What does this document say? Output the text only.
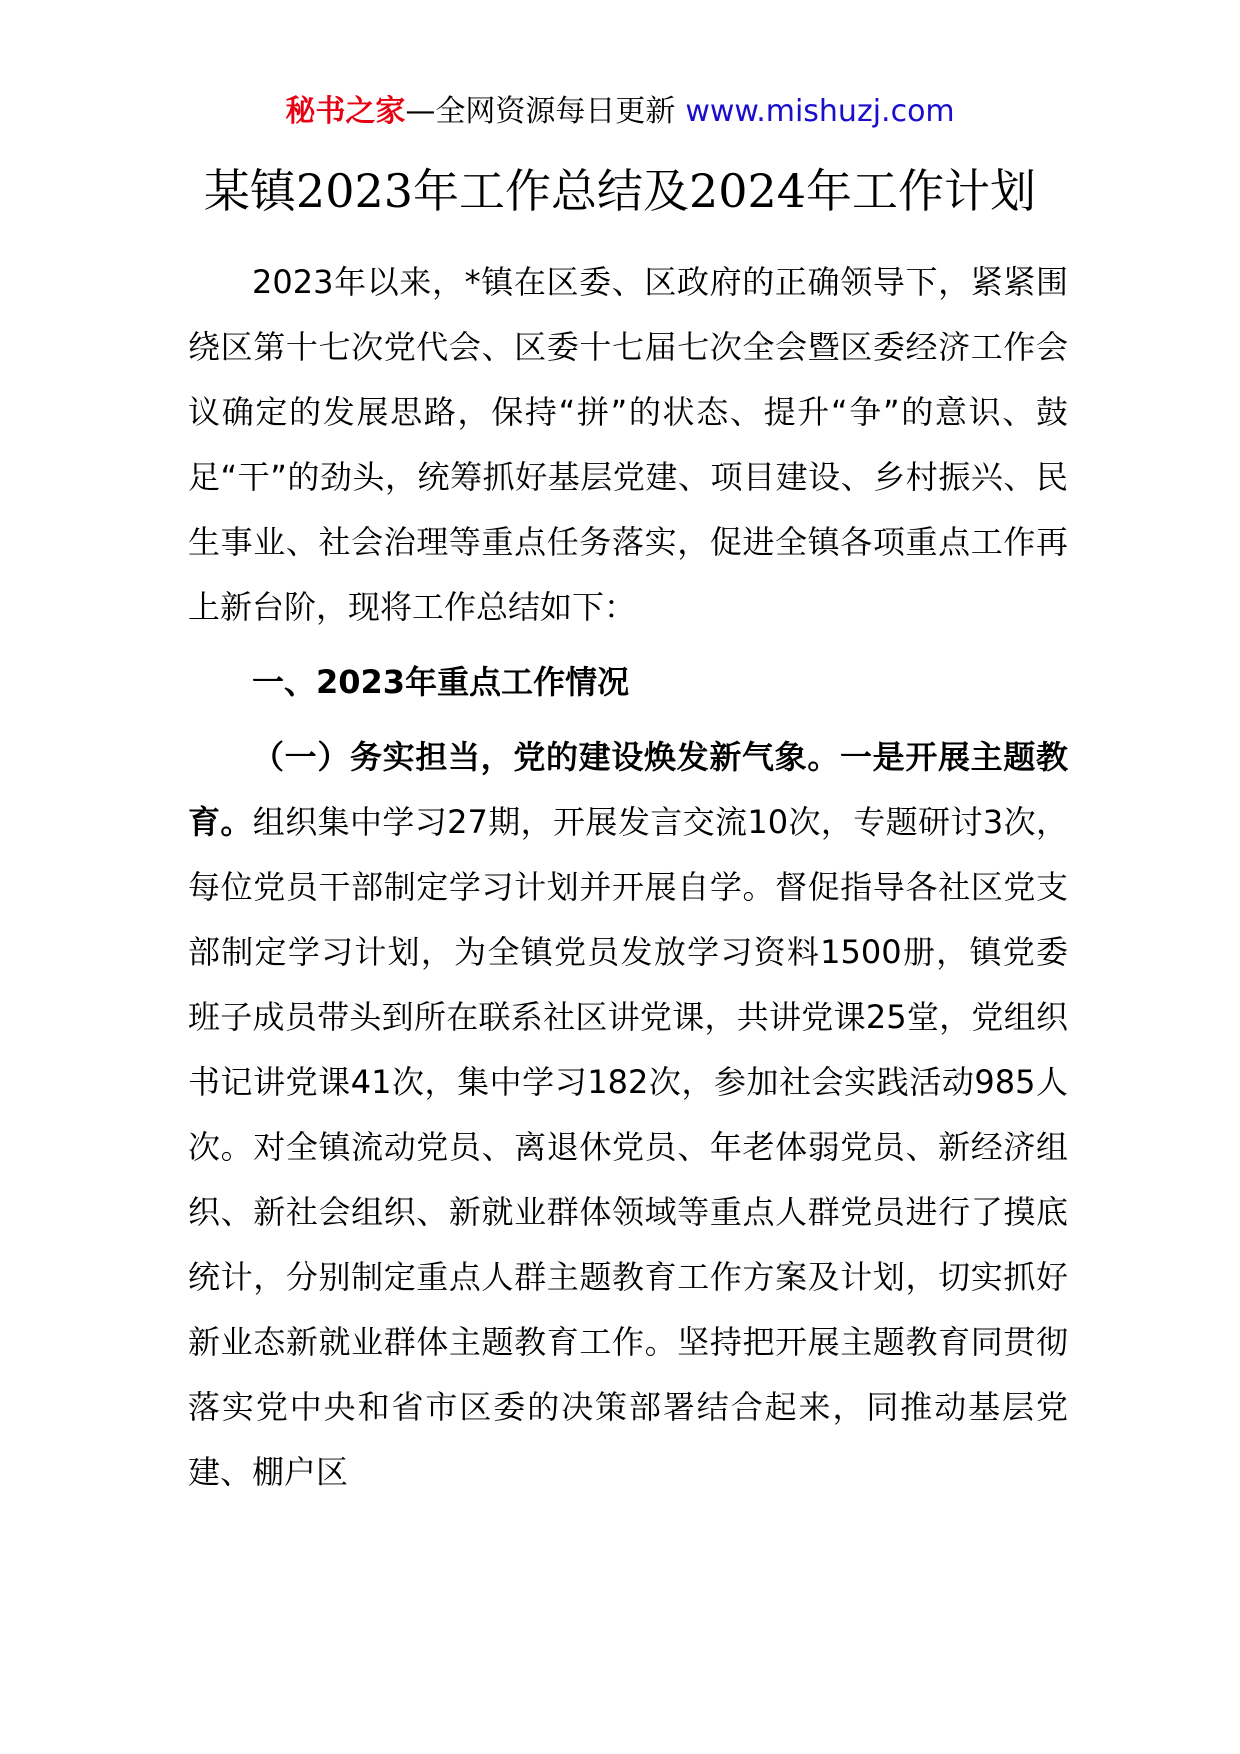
秘书之家—全网资源每日更新 www.mishuzj.com
某镇2023年工作总结及2024年工作计划

2023年以来，*镇在区委、区政府的正确领导下，紧紧围绕区第十七次党代会、区委十七届七次全会暨区委经济工作会议确定的发展思路，保持“拼”的状态、提升“争”的意识、鼓足“干”的劲头，统筹抓好基层党建、项目建设、乡村振兴、民生事业、社会治理等重点任务落实，促进全镇各项重点工作再上新台阶，现将工作总结如下：

一、2023年重点工作情况

（一）务实担当，党的建设焕发新气象。一是开展主题教育。组织集中学习27期，开展发言交流10次，专题研讨3次，每位党员干部制定学习计划并开展自学。督促指导各社区党支部制定学习计划，为全镇党员发放学习资料1500册，镇党委班子成员带头到所在联系社区讲党课，共讲党课25堂，党组织书记讲党课41次，集中学习182次，参加社会实践活动985人次。对全镇流动党员、离退休党员、年老体弱党员、新经济组织、新社会组织、新就业群体领域等重点人群党员进行了摸底统计，分别制定重点人群主题教育工作方案及计划，切实抓好新业态新就业群体主题教育工作。坚持把开展主题教育同贯彻落实党中央和省市区委的决策部署结合起来，同推动基层党建、棚户区
